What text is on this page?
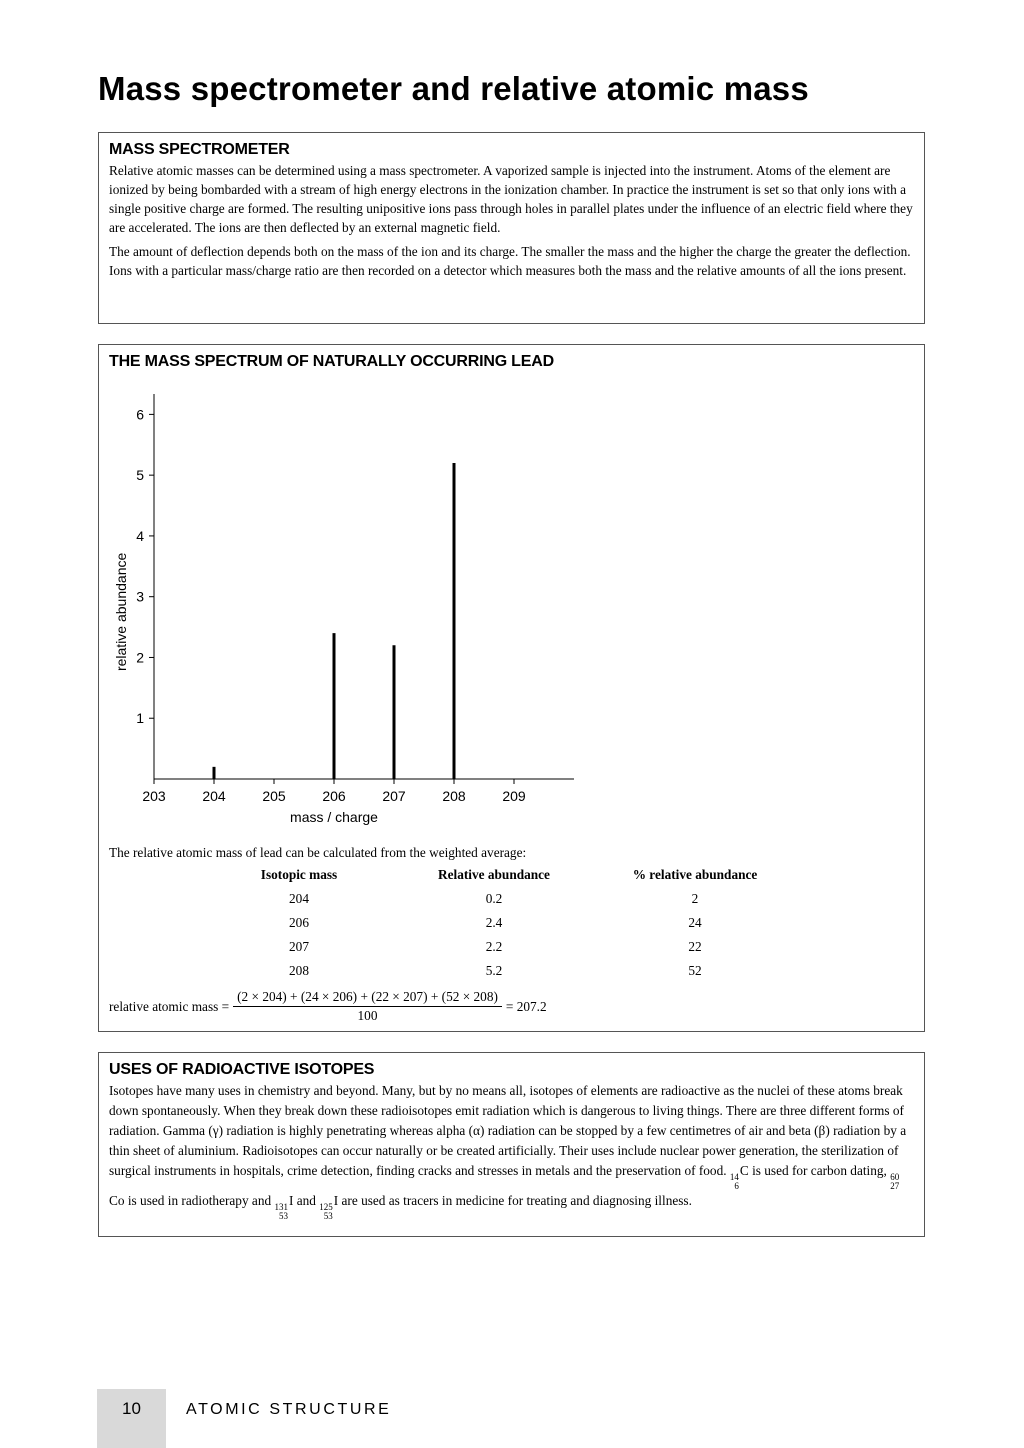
Mass spectrometer and relative atomic mass
MASS SPECTROMETER

Relative atomic masses can be determined using a mass spectrometer. A vaporized sample is injected into the instrument. Atoms of the element are ionized by being bombarded with a stream of high energy electrons in the ionization chamber. In practice the instrument is set so that only ions with a single positive charge are formed. The resulting unipositive ions pass through holes in parallel plates under the influence of an electric field where they are accelerated. The ions are then deflected by an external magnetic field.

The amount of deflection depends both on the mass of the ion and its charge. The smaller the mass and the higher the charge the greater the deflection. Ions with a particular mass/charge ratio are then recorded on a detector which measures both the mass and the relative amounts of all the ions present.

THE MASS SPECTRUM OF NATURALLY OCCURRING LEAD
203	204	205	206	207	208	209
1
2
3
4
5
6
mass / charge
relative abundance

The relative atomic mass of lead can be calculated from the weighted average:

Isotopic mass	Relative abundance	% relative abundance
204	0.2	2
206	2.4	24
207	2.2	22
208	5.2	52
relative atomic mass = $\frac{(2 \times 204) + (24 \times 206) + (22 \times 207) + (52 \times 208)}{100} = 207.2$
USES OF RADIOACTIVE ISOTOPES

Isotopes have many uses in chemistry and beyond. Many, but by no means all, isotopes of elements are radioactive as the nuclei of these atoms break down spontaneously. When they break down these radioisotopes emit radiation which is dangerous to living things. There are three different forms of radiation. Gamma (γ) radiation is highly penetrating whereas alpha (α) radiation can be stopped by a few centimetres of air and beta (β) radiation by a thin sheet of aluminium. Radioisotopes can occur naturally or be created artificially. Their uses include nuclear power generation, the sterilization of surgical instruments in hospitals, crime detection, finding cracks and stresses in metals and the preservation of food. 14
6
C is used for carbon dating, 60
27
Co is used in radiotherapy and 131
53
I and 125
53
I are used as tracers in medicine for treating and diagnosing illness.

10	ATOMIC STRUCTURE
